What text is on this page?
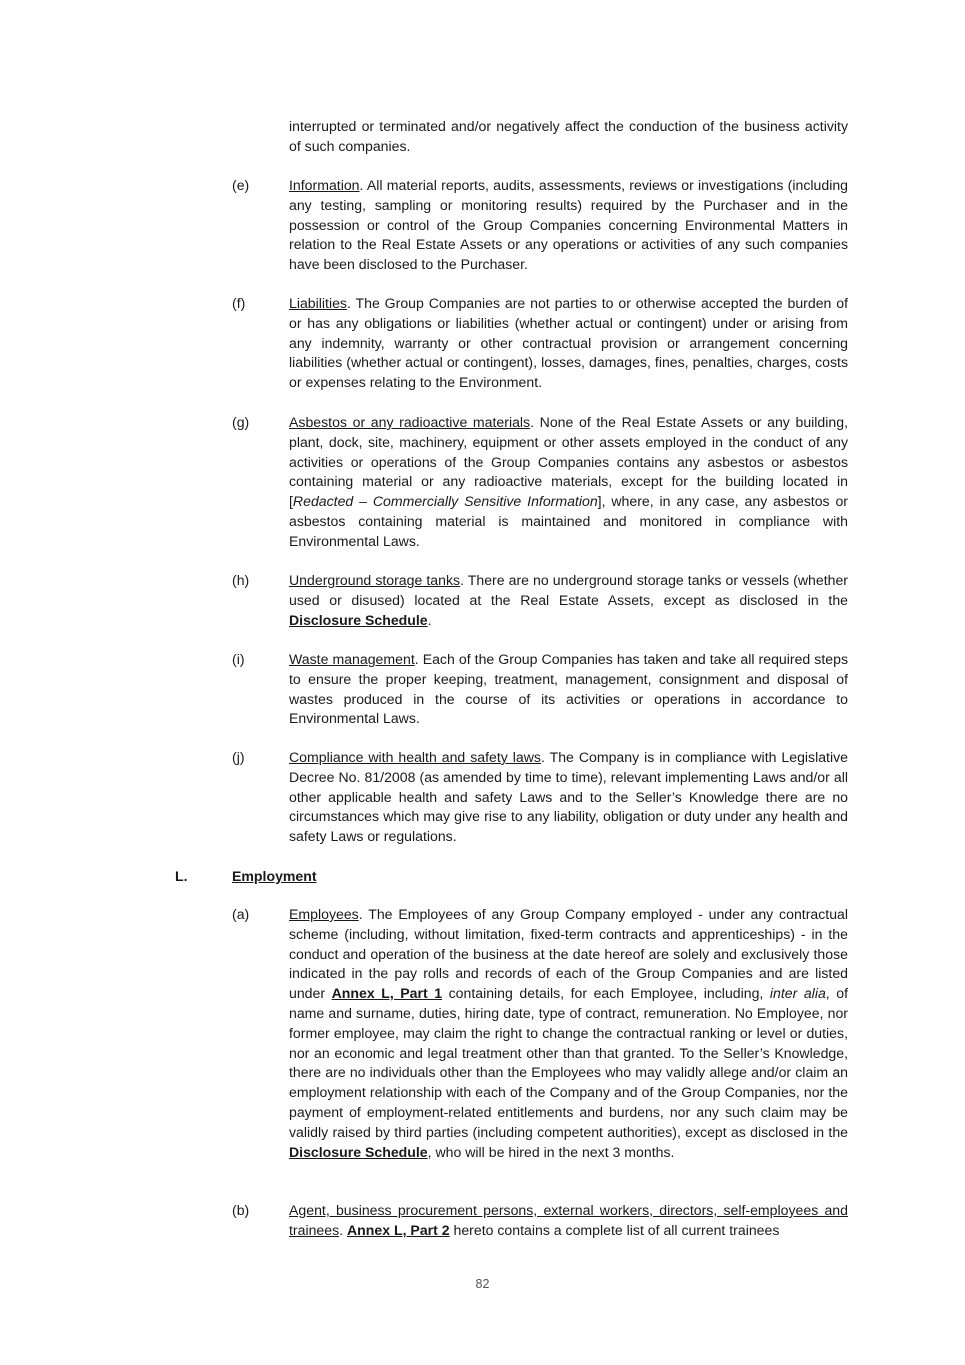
interrupted or terminated and/or negatively affect the conduction of the business activity of such companies.

(e)	Information. All material reports, audits, assessments, reviews or investigations (including any testing, sampling or monitoring results) required by the Purchaser and in the possession or control of the Group Companies concerning Environmental Matters in relation to the Real Estate Assets or any operations or activities of any such companies have been disclosed to the Purchaser.

(f)	Liabilities. The Group Companies are not parties to or otherwise accepted the burden of or has any obligations or liabilities (whether actual or contingent) under or arising from any indemnity, warranty or other contractual provision or arrangement concerning liabilities (whether actual or contingent), losses, damages, fines, penalties, charges, costs or expenses relating to the Environment.

(g)	Asbestos or any radioactive materials. None of the Real Estate Assets or any building, plant, dock, site, machinery, equipment or other assets employed in the conduct of any activities or operations of the Group Companies contains any asbestos or asbestos containing material or any radioactive materials, except for the building located in [Redacted – Commercially Sensitive Information], where, in any case, any asbestos or asbestos containing material is maintained and monitored in compliance with Environmental Laws.

(h)	Underground storage tanks. There are no underground storage tanks or vessels (whether used or disused) located at the Real Estate Assets, except as disclosed in the Disclosure Schedule.

(i)	Waste management. Each of the Group Companies has taken and take all required steps to ensure the proper keeping, treatment, management, consignment and disposal of wastes produced in the course of its activities or operations in accordance to Environmental Laws.

(j)	Compliance with health and safety laws. The Company is in compliance with Legislative Decree No. 81/2008 (as amended by time to time), relevant implementing Laws and/or all other applicable health and safety Laws and to the Seller’s Knowledge there are no circumstances which may give rise to any liability, obligation or duty under any health and safety Laws or regulations.

L.	Employment

(a)	Employees. The Employees of any Group Company employed - under any contractual scheme (including, without limitation, fixed-term contracts and apprenticeships) - in the conduct and operation of the business at the date hereof are solely and exclusively those indicated in the pay rolls and records of each of the Group Companies and are listed under Annex L, Part 1 containing details, for each Employee, including, inter alia, of name and surname, duties, hiring date, type of contract, remuneration. No Employee, nor former employee, may claim the right to change the contractual ranking or level or duties, nor an economic and legal treatment other than that granted. To the Seller’s Knowledge, there are no individuals other than the Employees who may validly allege and/or claim an employment relationship with each of the Company and of the Group Companies, nor the payment of employment-related entitlements and burdens, nor any such claim may be validly raised by third parties (including competent authorities), except as disclosed in the Disclosure Schedule, who will be hired in the next 3 months.

(b)	Agent, business procurement persons, external workers, directors, self-employees and trainees. Annex L, Part 2 hereto contains a complete list of all current trainees

82
